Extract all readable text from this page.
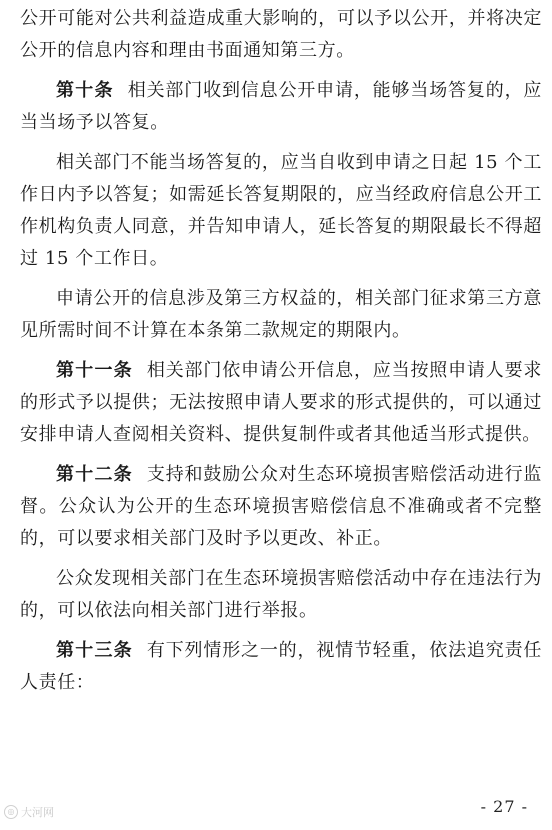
公开可能对公共利益造成重大影响的，可以予以公开，并将决定公开的信息内容和理由书面通知第三方。

第十条 相关部门收到信息公开申请，能够当场答复的，应当当场予以答复。

相关部门不能当场答复的，应当自收到申请之日起 15 个工作日内予以答复；如需延长答复期限的，应当经政府信息公开工作机构负责人同意，并告知申请人，延长答复的期限最长不得超过 15 个工作日。

申请公开的信息涉及第三方权益的，相关部门征求第三方意见所需时间不计算在本条第二款规定的期限内。

第十一条 相关部门依申请公开信息，应当按照申请人要求的形式予以提供；无法按照申请人要求的形式提供的，可以通过安排申请人查阅相关资料、提供复制件或者其他适当形式提供。

第十二条 支持和鼓励公众对生态环境损害赔偿活动进行监督。公众认为公开的生态环境损害赔偿信息不准确或者不完整的，可以要求相关部门及时予以更改、补正。

公众发现相关部门在生态环境损害赔偿活动中存在违法行为的，可以依法向相关部门进行举报。

第十三条 有下列情形之一的，视情节轻重，依法追究责任人责任：

◎ 大河网	- 27 -
